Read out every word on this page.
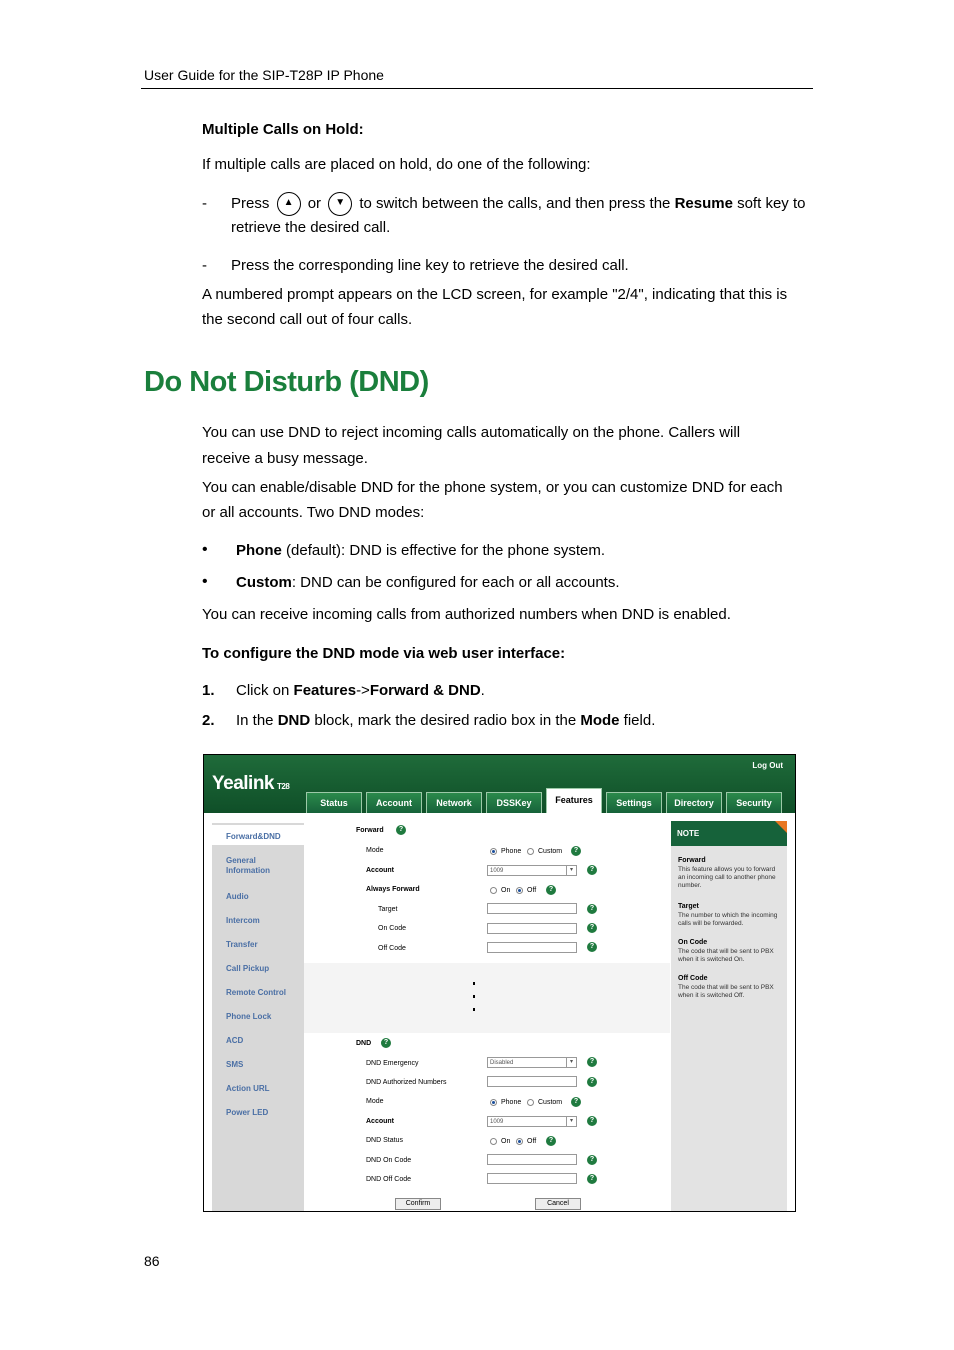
User Guide for the SIP-T28P IP Phone
Multiple Calls on Hold:
If multiple calls are placed on hold, do one of the following:
- Press ▲ or ▼ to switch between the calls, and then press the Resume soft key to
retrieve the desired call.
- Press the corresponding line key to retrieve the desired call.
A numbered prompt appears on the LCD screen, for example "2/4", indicating that this is
the second call out of four calls.
Do Not Disturb (DND)
You can use DND to reject incoming calls automatically on the phone. Callers will
receive a busy message.
You can enable/disable DND for the phone system, or you can customize DND for each
or all accounts. Two DND modes:
• Phone (default): DND is effective for the phone system.
• Custom: DND can be configured for each or all accounts.
You can receive incoming calls from authorized numbers when DND is enabled.
To configure the DND mode via web user interface:
1. Click on Features->Forward & DND.
2. In the DND block, mark the desired radio box in the Mode field.
Yealink T28
Log Out
Status	Account	Network	DSSKey	Features	Settings	Directory	Security
Forward&DND
General Information
Audio
Intercom
Transfer
Call Pickup
Remote Control
Phone Lock
ACD
SMS
Action URL
Power LED
Forward	?
Mode	Phone Custom	?
Account	1009	▾	?
Always Forward	On Off	?
Target	?
On Code	?
Off Code	?
DND	?
DND Emergency	Disabled	▾	?
DND Authorized Numbers	?
Mode	Phone Custom	?
Account	1009	▾	?
DND Status	On Off	?
DND On Code	?
DND Off Code	?
Confirm	Cancel
NOTE
Forward
This feature allows you to forward an incoming call to another phone number.
Target
The number to which the incoming calls will be forwarded.
On Code
The code that will be sent to PBX when it is switched On.
Off Code
The code that will be sent to PBX when it is switched Off.
86
